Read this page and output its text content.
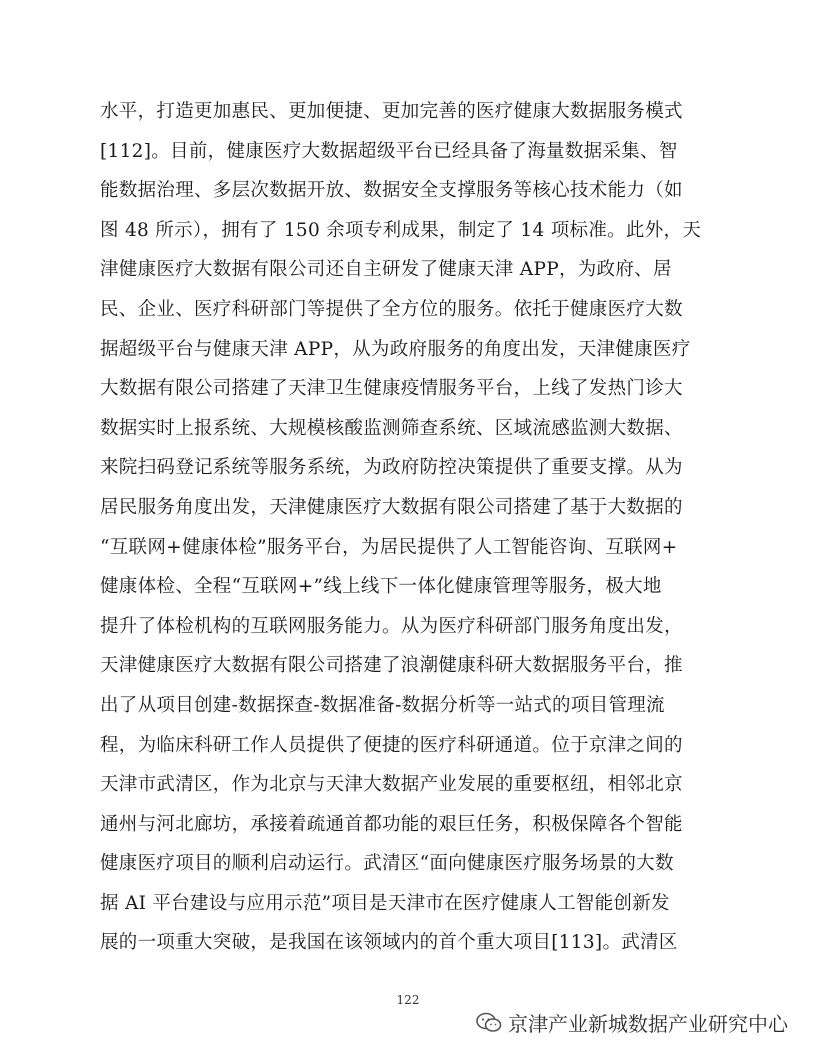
水平，打造更加惠民、更加便捷、更加完善的医疗健康大数据服务模式
[112]。目前，健康医疗大数据超级平台已经具备了海量数据采集、智
能数据治理、多层次数据开放、数据安全支撑服务等核心技术能力（如
图 48 所示），拥有了 150 余项专利成果，制定了 14 项标准。此外，天
津健康医疗大数据有限公司还自主研发了健康天津 APP，为政府、居
民、企业、医疗科研部门等提供了全方位的服务。依托于健康医疗大数
据超级平台与健康天津 APP，从为政府服务的角度出发，天津健康医疗
大数据有限公司搭建了天津卫生健康疫情服务平台，上线了发热门诊大
数据实时上报系统、大规模核酸监测筛查系统、区域流感监测大数据、
来院扫码登记系统等服务系统，为政府防控决策提供了重要支撑。从为
居民服务角度出发，天津健康医疗大数据有限公司搭建了基于大数据的
“互联网+健康体检”服务平台，为居民提供了人工智能咨询、互联网+
健康体检、全程“互联网+”线上线下一体化健康管理等服务，极大地
提升了体检机构的互联网服务能力。从为医疗科研部门服务角度出发，
天津健康医疗大数据有限公司搭建了浪潮健康科研大数据服务平台，推
出了从项目创建-数据探查-数据准备-数据分析等一站式的项目管理流
程，为临床科研工作人员提供了便捷的医疗科研通道。位于京津之间的
天津市武清区，作为北京与天津大数据产业发展的重要枢纽，相邻北京
通州与河北廊坊，承接着疏通首都功能的艰巨任务，积极保障各个智能
健康医疗项目的顺利启动运行。武清区“面向健康医疗服务场景的大数
据 AI 平台建设与应用示范”项目是天津市在医疗健康人工智能创新发
展的一项重大突破，是我国在该领域内的首个重大项目[113]。武清区
122
京津产业新城数据产业研究中心
